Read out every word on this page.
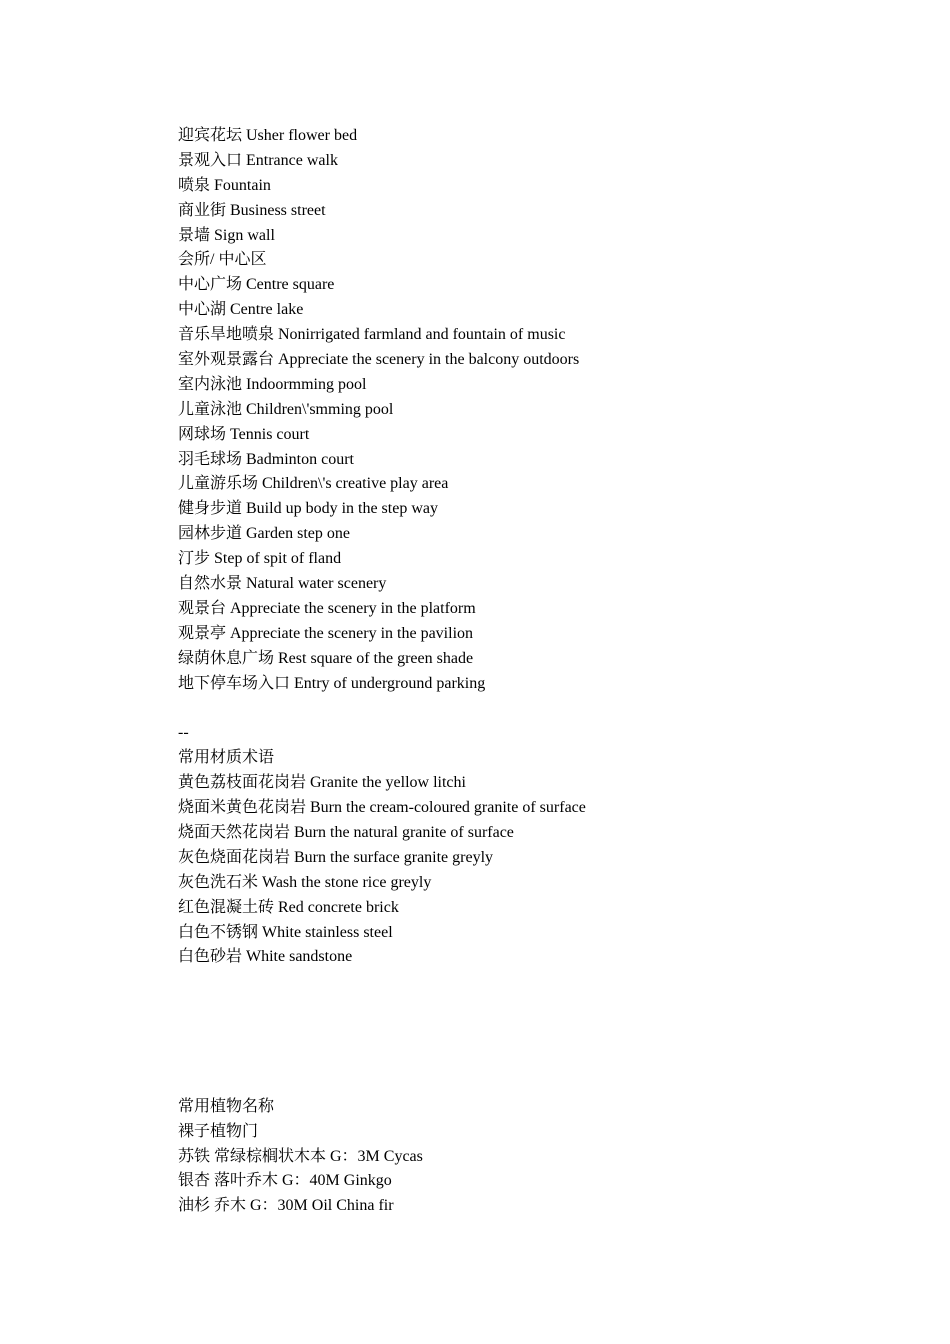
迎宾花坛 Usher flower bed
景观入口 Entrance walk
喷泉 Fountain
商业街 Business street
景墙 Sign wall
会所/ 中心区
中心广场 Centre square
中心湖 Centre lake
音乐旱地喷泉 Nonirrigated farmland and fountain of music
室外观景露台 Appreciate the scenery in the balcony outdoors
室内泳池 Indoormming pool
儿童泳池 Children\'smming pool
网球场 Tennis court
羽毛球场 Badminton court
儿童游乐场 Children\'s creative play area
健身步道 Build up body in the step way
园林步道 Garden step one
汀步 Step of spit of fland
自然水景 Natural water scenery
观景台 Appreciate the scenery in the platform
观景亭 Appreciate the scenery in the pavilion
绿荫休息广场 Rest square of the green shade
地下停车场入口 Entry of underground parking
--
常用材质术语
黄色荔枝面花岗岩 Granite the yellow litchi
烧面米黄色花岗岩 Burn the cream-coloured granite of surface
烧面天然花岗岩 Burn the natural granite of surface
灰色烧面花岗岩 Burn the surface granite greyly
灰色洗石米 Wash the stone rice greyly
红色混凝土砖 Red concrete brick
白色不锈钢 White stainless steel
白色砂岩 White sandstone
常用植物名称
裸子植物门
苏铁 常绿棕榈状木本 G：3M Cycas
银杏 落叶乔木 G：40M Ginkgo
油杉 乔木 G：30M Oil China fir
